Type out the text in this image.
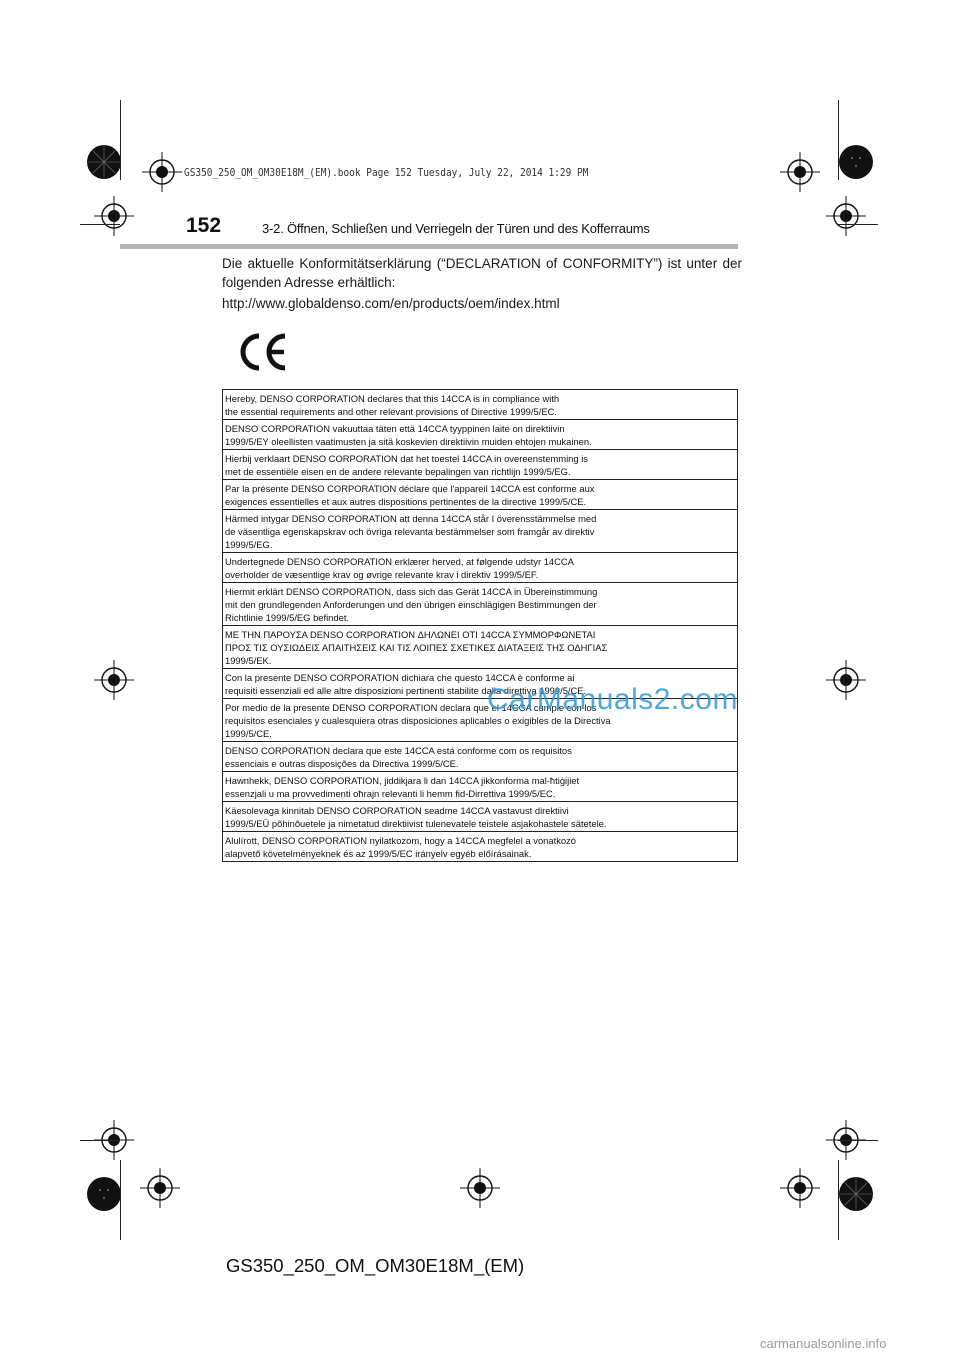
GS350_250_OM_OM30E18M_(EM).book Page 152 Tuesday, July 22, 2014 1:29 PM
152	3-2. Öffnen, Schließen und Verriegeln der Türen und des Kofferraums
Die aktuelle Konformitätserklärung (“DECLARATION of CONFORMITY”) ist unter der folgenden Adresse erhältlich:
http://www.globaldenso.com/en/products/oem/index.html
Hereby, DENSO CORPORATION declares that this 14CCA is in compliance with
the essential requirements and other relevant provisions of Directive 1999/5/EC.
DENSO CORPORATION vakuuttaa täten että 14CCA tyyppinen laite on direktiivin
1999/5/EY oleellisten vaatimusten ja sitä koskevien direktiivin muiden ehtojen mukainen.
Hierbij verklaart DENSO CORPORATION dat het toestel 14CCA in overeenstemming is
met de essentiële eisen en de andere relevante bepalingen van richtlijn 1999/5/EG.
Par la présente DENSO CORPORATION déclare que l'appareil 14CCA est conforme aux
exigences essentielles et aux autres dispositions pertinentes de la directive 1999/5/CE.
Härmed intygar DENSO CORPORATION att denna 14CCA står I överensstämmelse med
de väsentliga egenskapskrav och övriga relevanta bestämmelser som framgår av direktiv
1999/5/EG.
Undertegnede DENSO CORPORATION erklærer herved, at følgende udstyr 14CCA
overholder de væsentlige krav og øvrige relevante krav i direktiv 1999/5/EF.
Hiermit erklärt DENSO CORPORATION, dass sich das Gerät 14CCA in Übereinstimmung
mit den grundlegenden Anforderungen und den übrigen einschlägigen Bestimmungen der
Richtlinie 1999/5/EG befindet.
ΜΕ ΤΗΝ ΠΑΡΟΥΣΑ DENSO CORPORATION ΔΗΛΩΝΕΙ ΟΤΙ 14CCA ΣΥΜΜΟΡΦΩΝΕΤΑΙ
ΠΡΟΣ ΤΙΣ ΟΥΣΙΩΔΕΙΣ ΑΠΑΙΤΗΣΕΙΣ ΚΑΙ ΤΙΣ ΛΟΙΠΕΣ ΣΧΕΤΙΚΕΣ ΔΙΑΤΑΞΕΙΣ ΤΗΣ ΟΔΗΓΙΑΣ
1999/5/ΕΚ.
Con la presente DENSO CORPORATION dichiara che questo 14CCA è conforme ai
requisiti essenziali ed alle altre disposizioni pertinenti stabilite dalla direttiva 1999/5/CE.
Por medio de la presente DENSO CORPORATION declara que el 14CCA cumple con los
requisitos esenciales y cualesquiera otras disposiciones aplicables o exigibles de la Directiva
1999/5/CE.
DENSO CORPORATION declara que este 14CCA está conforme com os requisitos
essenciais e outras disposições da Directiva 1999/5/CE.
Hawnhekk, DENSO CORPORATION, jiddikjara li dan 14CCA jikkonforma mal-ħtiġijiet
essenzjali u ma provvedimenti oħrajn relevanti li hemm fid-Dirrettiva 1999/5/EC.
Käesolevaga kinnitab DENSO CORPORATION seadme 14CCA vastavust direktiivi
1999/5/EÜ põhinõuetele ja nimetatud direktiivist tulenevatele teistele asjakohastele sätetele.
Alulírott, DENSO CORPORATION nyilatkozom, hogy a 14CCA megfelel a vonatkozó
alapvető követelményeknek és az 1999/5/EC irányelv egyéb előírásainak.
CarManuals2.com
GS350_250_OM_OM30E18M_(EM)
carmanualsonline.info
